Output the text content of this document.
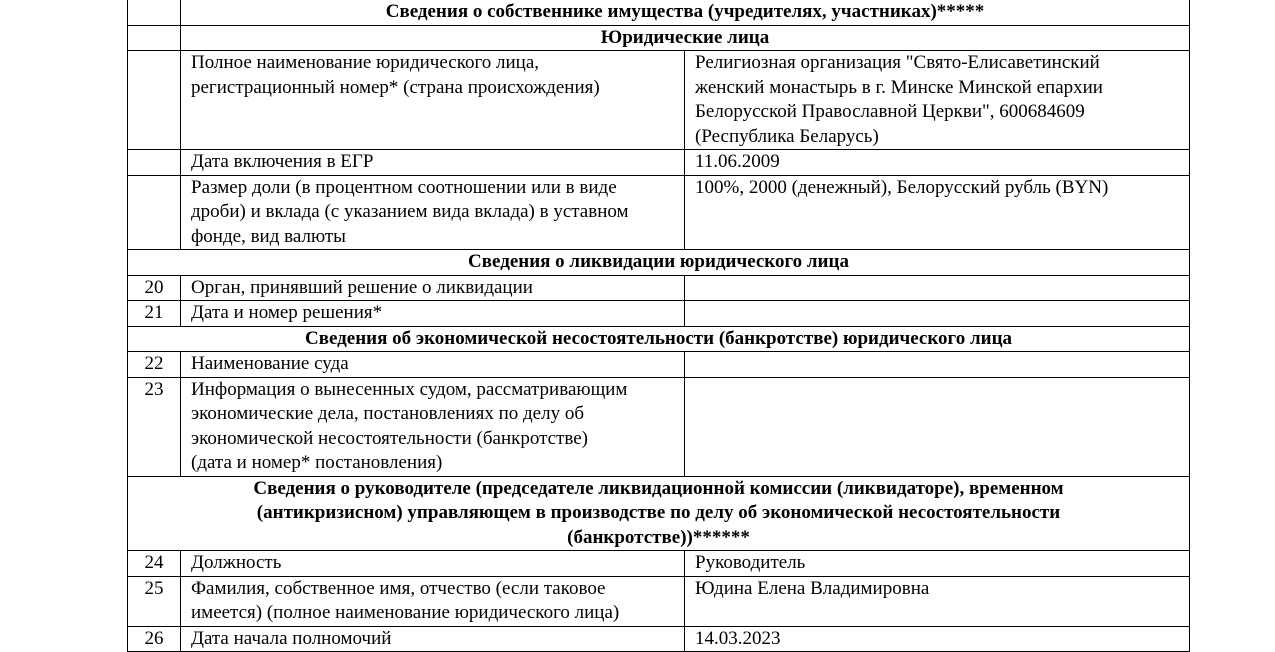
	Сведения о собственнике имущества (учредителях, участниках)*****	
	Юридические лица	
	Полное наименование юридического лица,
регистрационный номер* (страна происхождения)	Религиозная организация "Свято-Елисаветинский
женский монастырь в г. Минске Минской епархии
Белорусской Православной Церкви", 600684609
(Республика Беларусь)
	Дата включения в ЕГР	11.06.2009
	Размер доли (в процентном соотношении или в виде
дроби) и вклада (с указанием вида вклада) в уставном
фонде, вид валюты	100%, 2000 (денежный), Белорусский рубль (BYN)
Сведения о ликвидации юридического лица		
20	Орган, принявший решение о ликвидации	
21	Дата и номер решения*	
Сведения об экономической несостоятельности (банкротстве) юридического лица		
22	Наименование суда	
23	Информация о вынесенных судом, рассматривающим
экономические дела, постановлениях по делу об
экономической несостоятельности (банкротстве)
(дата и номер* постановления)	
Сведения о руководителе (председателе ликвидационной комиссии (ликвидаторе), временном
(антикризисном) управляющем в производстве по делу об экономической несостоятельности
(банкротстве))******		
24	Должность	Руководитель
25	Фамилия, собственное имя, отчество (если таковое
имеется) (полное наименование юридического лица)	Юдина Елена Владимировна
26	Дата начала полномочий	14.03.2023
